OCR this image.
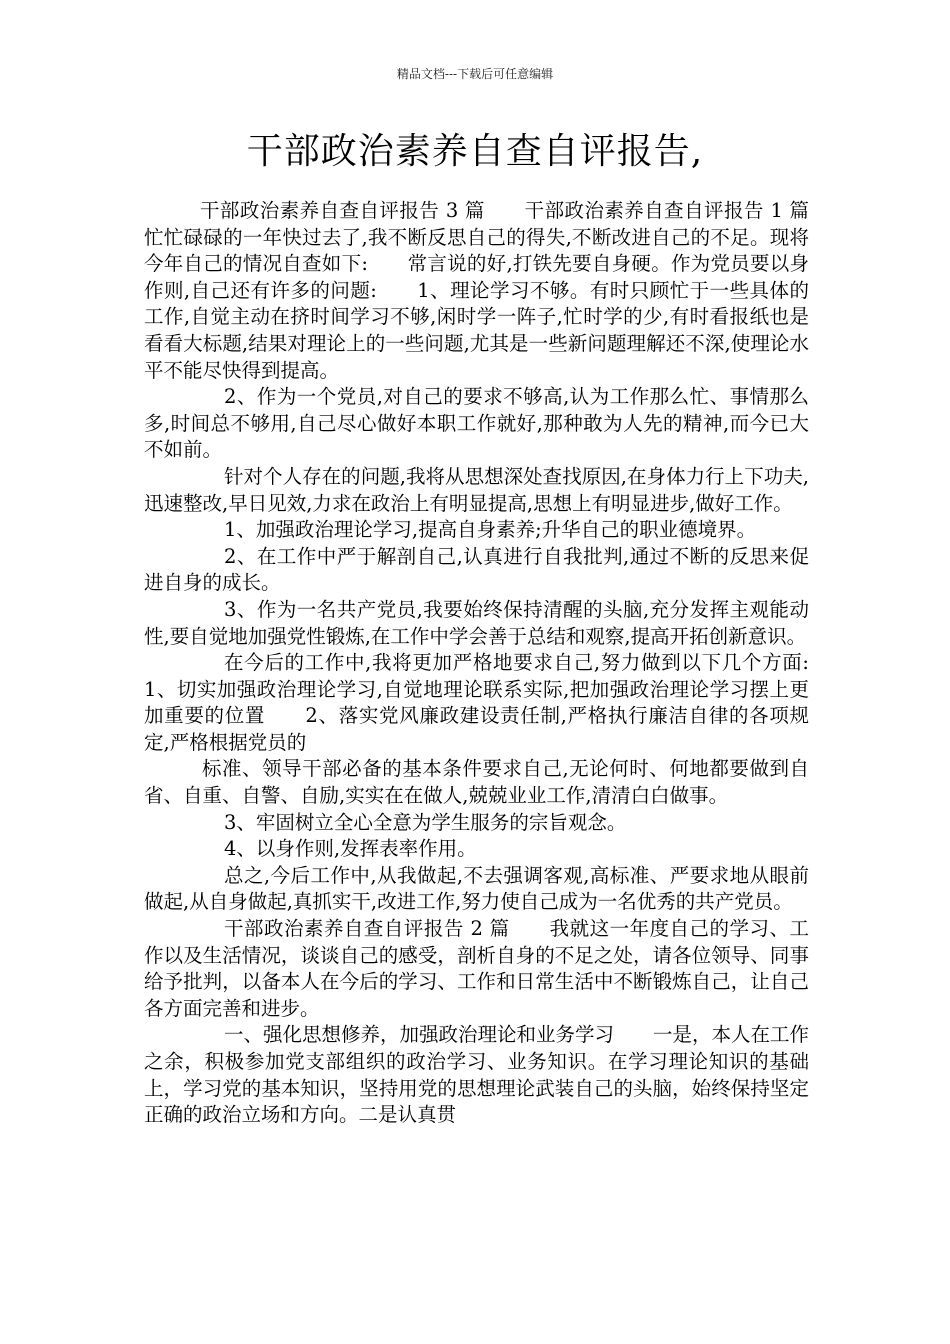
精品文档---下载后可任意编辑
干部政治素养自查自评报告,

干部政治素养自查自评报告 3 篇　　干部政治素养自查自评报告 1 篇　　忙忙碌碌的一年快过去了,我不断反思自己的得失,不断改进自己的不足。现将今年自己的情况自查如下:　　常言说的好,打铁先要自身硬。作为党员要以身作则,自己还有许多的问题:　　1、理论学习不够。有时只顾忙于一些具体的工作,自觉主动在挤时间学习不够,闲时学一阵子,忙时学的少,有时看报纸也是看看大标题,结果对理论上的一些问题,尤其是一些新问题理解还不深,使理论水平不能尽快得到提高。

2、作为一个党员,对自己的要求不够高,认为工作那么忙、事情那么多,时间总不够用,自己尽心做好本职工作就好,那种敢为人先的精神,而今已大不如前。

针对个人存在的问题,我将从思想深处查找原因,在身体力行上下功夫,迅速整改,早日见效,力求在政治上有明显提高,思想上有明显进步,做好工作。

1、加强政治理论学习,提高自身素养;升华自己的职业德境界。

2、在工作中严于解剖自己,认真进行自我批判,通过不断的反思来促进自身的成长。

3、作为一名共产党员,我要始终保持清醒的头脑,充分发挥主观能动性,要自觉地加强党性锻炼,在工作中学会善于总结和观察,提高开拓创新意识。

在今后的工作中,我将更加严格地要求自己,努力做到以下几个方面:　　1、切实加强政治理论学习,自觉地理论联系实际,把加强政治理论学习摆上更加重要的位置　　2、落实党风廉政建设责任制,严格执行廉洁自律的各项规定,严格根据党员的

标准、领导干部必备的基本条件要求自己,无论何时、何地都要做到自省、自重、自警、自励,实实在在做人,兢兢业业工作,清清白白做事。

3、牢固树立全心全意为学生服务的宗旨观念。

4、以身作则,发挥表率作用。

总之,今后工作中,从我做起,不去强调客观,高标准、严要求地从眼前做起,从自身做起,真抓实干,改进工作,努力使自己成为一名优秀的共产党员。

干部政治素养自查自评报告 2 篇　　我就这一年度自己的学习、工作以及生活情况，谈谈自己的感受，剖析自身的不足之处，请各位领导、同事给予批判，以备本人在今后的学习、工作和日常生活中不断锻炼自己，让自己各方面完善和进步。

一、强化思想修养，加强政治理论和业务学习　　一是，本人在工作之余，积极参加党支部组织的政治学习、业务知识。在学习理论知识的基础上，学习党的基本知识，坚持用党的思想理论武装自己的头脑，始终保持坚定正确的政治立场和方向。二是认真贯
